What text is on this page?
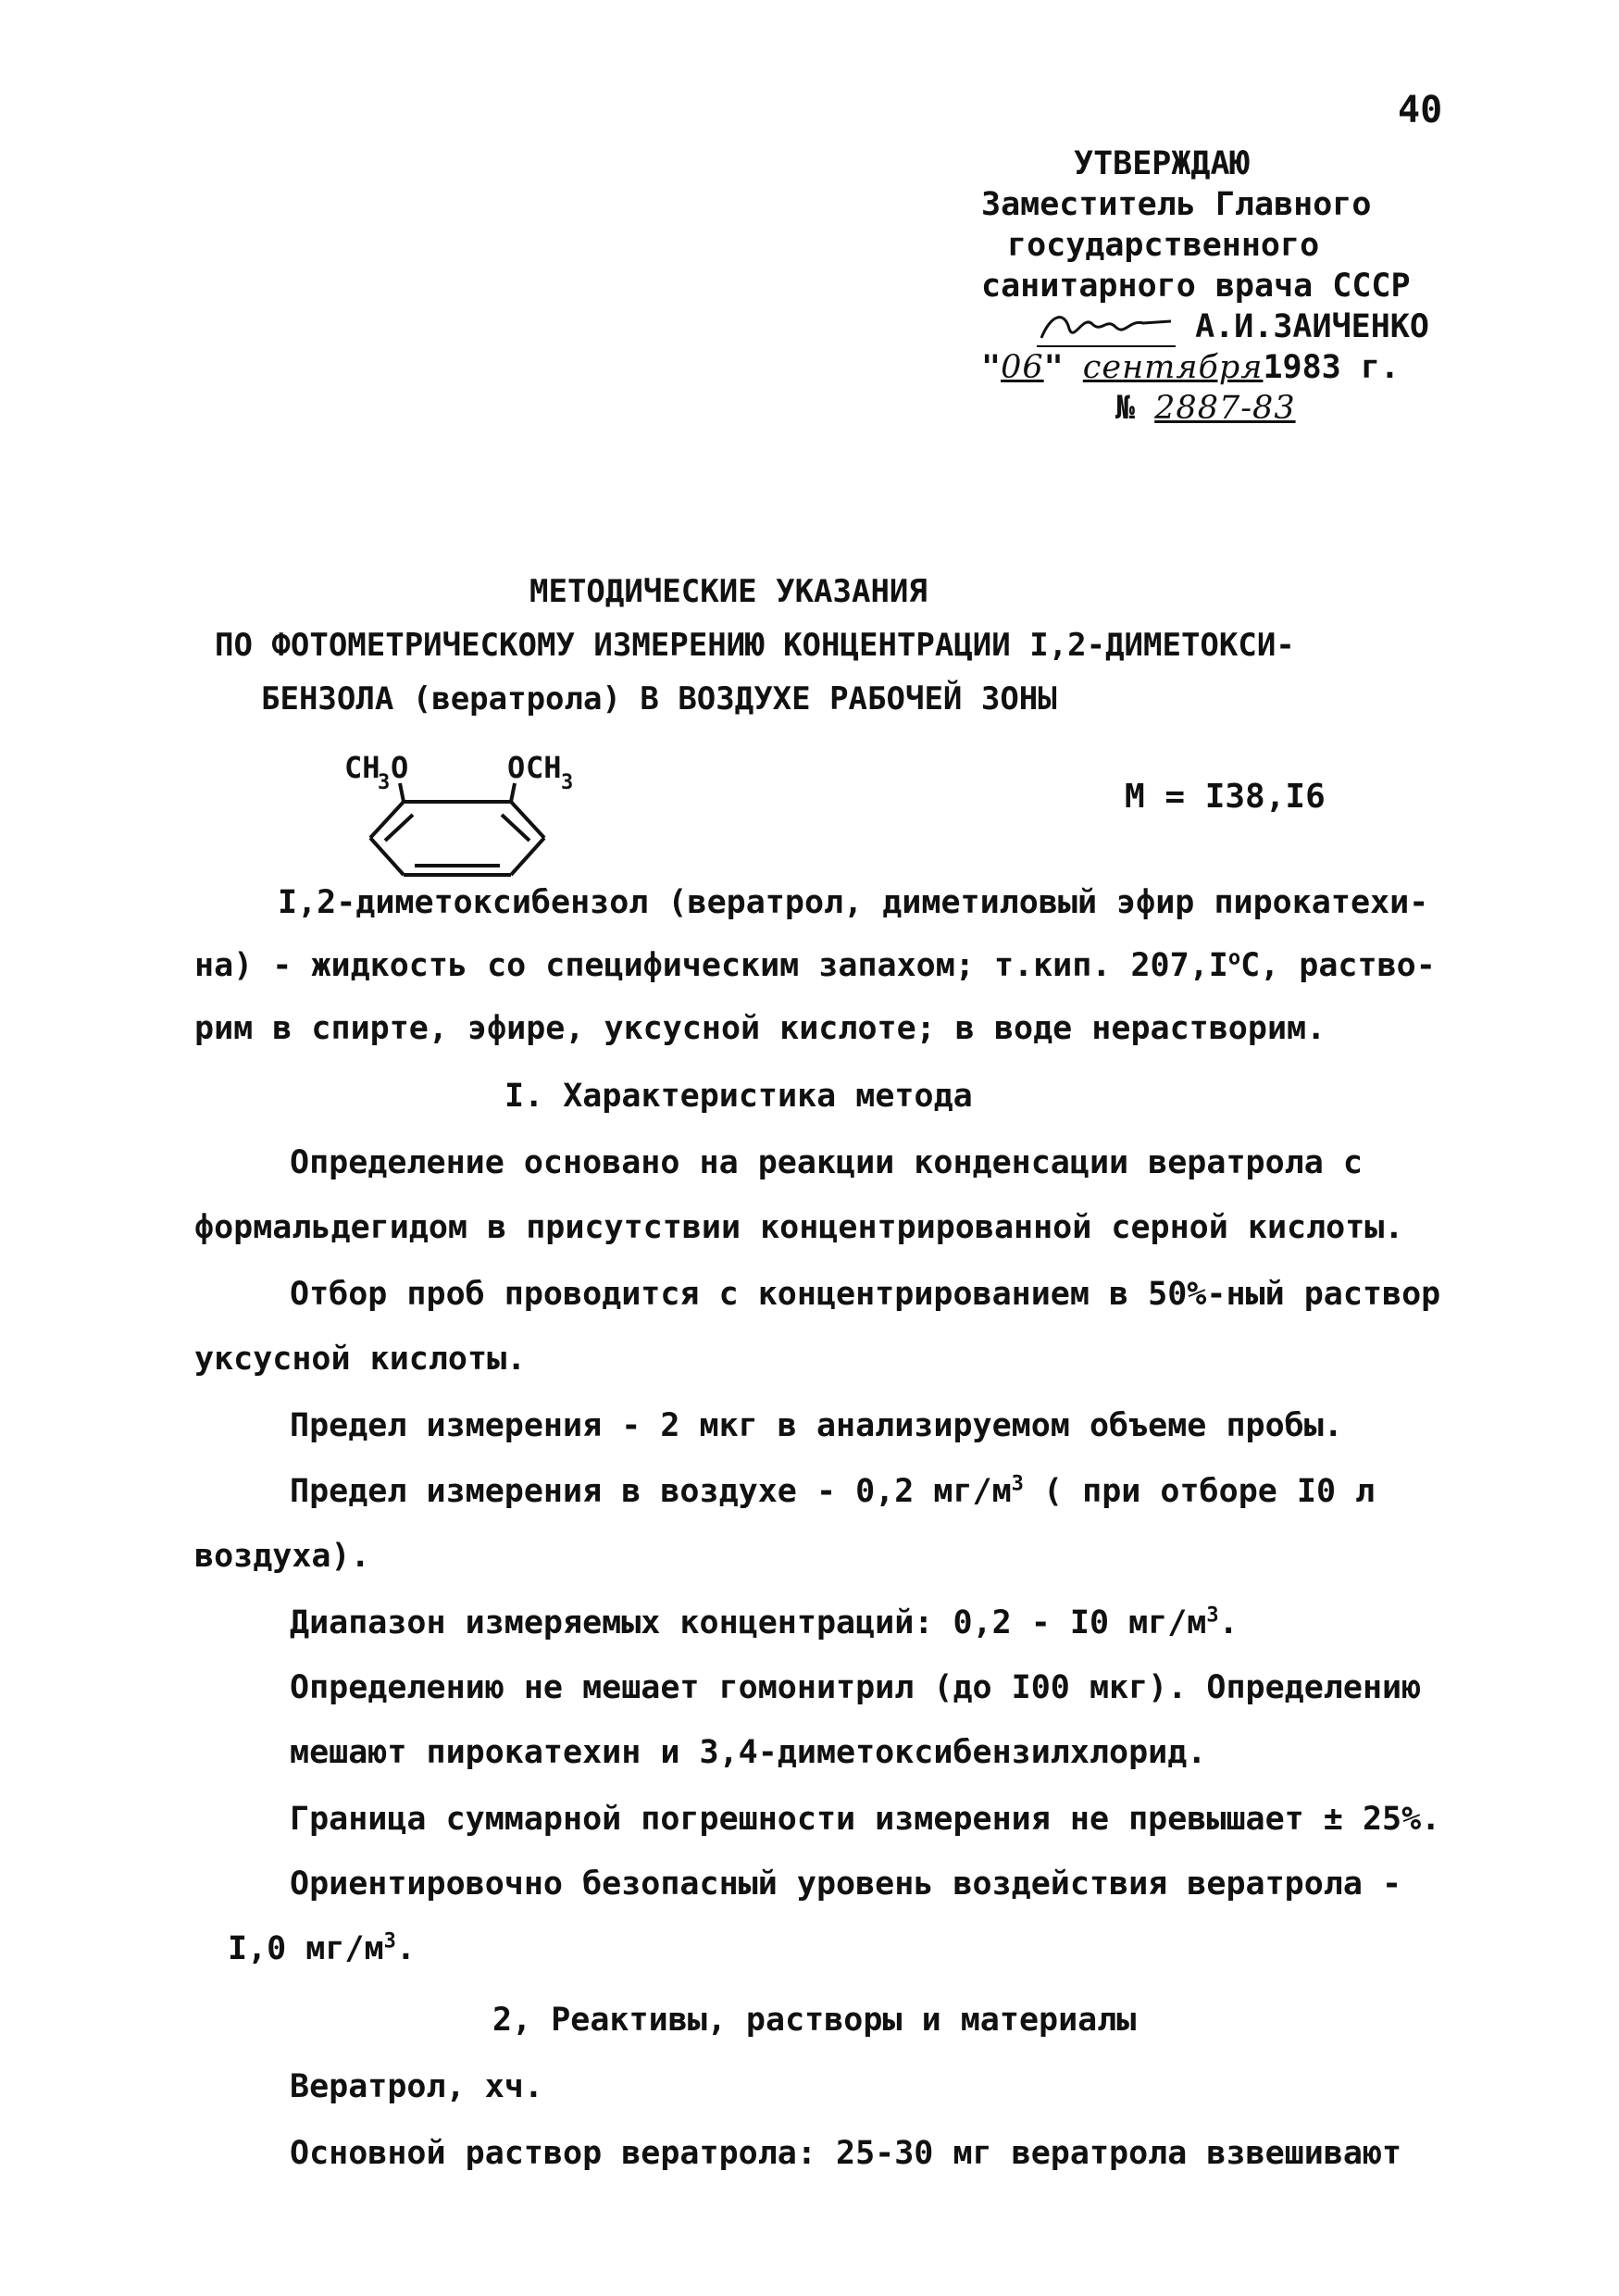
40
УТВЕРЖДАЮ
Заместитель Главного
государственного
санитарного врача СССР
А.И.ЗАИЧЕНКО
"06" сентября1983 г.
№ 2887-83
МЕТОДИЧЕСКИЕ УКАЗАНИЯ
ПО ФОТОМЕТРИЧЕСКОМУ ИЗМЕРЕНИЮ КОНЦЕНТРАЦИИ I,2-ДИМЕТОКСИ-
БЕНЗОЛА (вератрола) В ВОЗДУХЕ РАБОЧЕЙ ЗОНЫ
CH
3 O	O CH 3	М = I38,I6
I,2-диметоксибензол (вератрол, диметиловый эфир пирокатехи-
на) - жидкость со специфическим запахом; т.кип. $207,I^оС$, раство-
рим в спирте, эфире, уксусной кислоте; в воде нерастворим.
I. Характеристика метода
Определение основано на реакции конденсации вератрола с
формальдегидом в присутствии концентрированной серной кислоты.
Отбор проб проводится с концентрированием в 50%-ный раствор
уксусной кислоты.
Предел измерения - 2 мкг в анализируемом объеме пробы.
Предел измерения в воздухе - 0,2 $мг/м^3$ ( при отборе I0 л
воздуха).
Диапазон измеряемых концентраций: 0,2 - I0 $мг/м^3$.
Определению не мешает гомонитрил (до I00 мкг). Определению
мешают пирокатехин и 3,4-диметоксибензилхлорид.
Граница суммарной погрешности измерения не превышает ± 25%.
Ориентировочно безопасный уровень воздействия вератрола -
I,0 $мг/м^3$.
2, Реактивы, растворы и материалы
Вератрол, хч.
Основной раствор вератрола: 25-30 мг вератрола взвешивают
